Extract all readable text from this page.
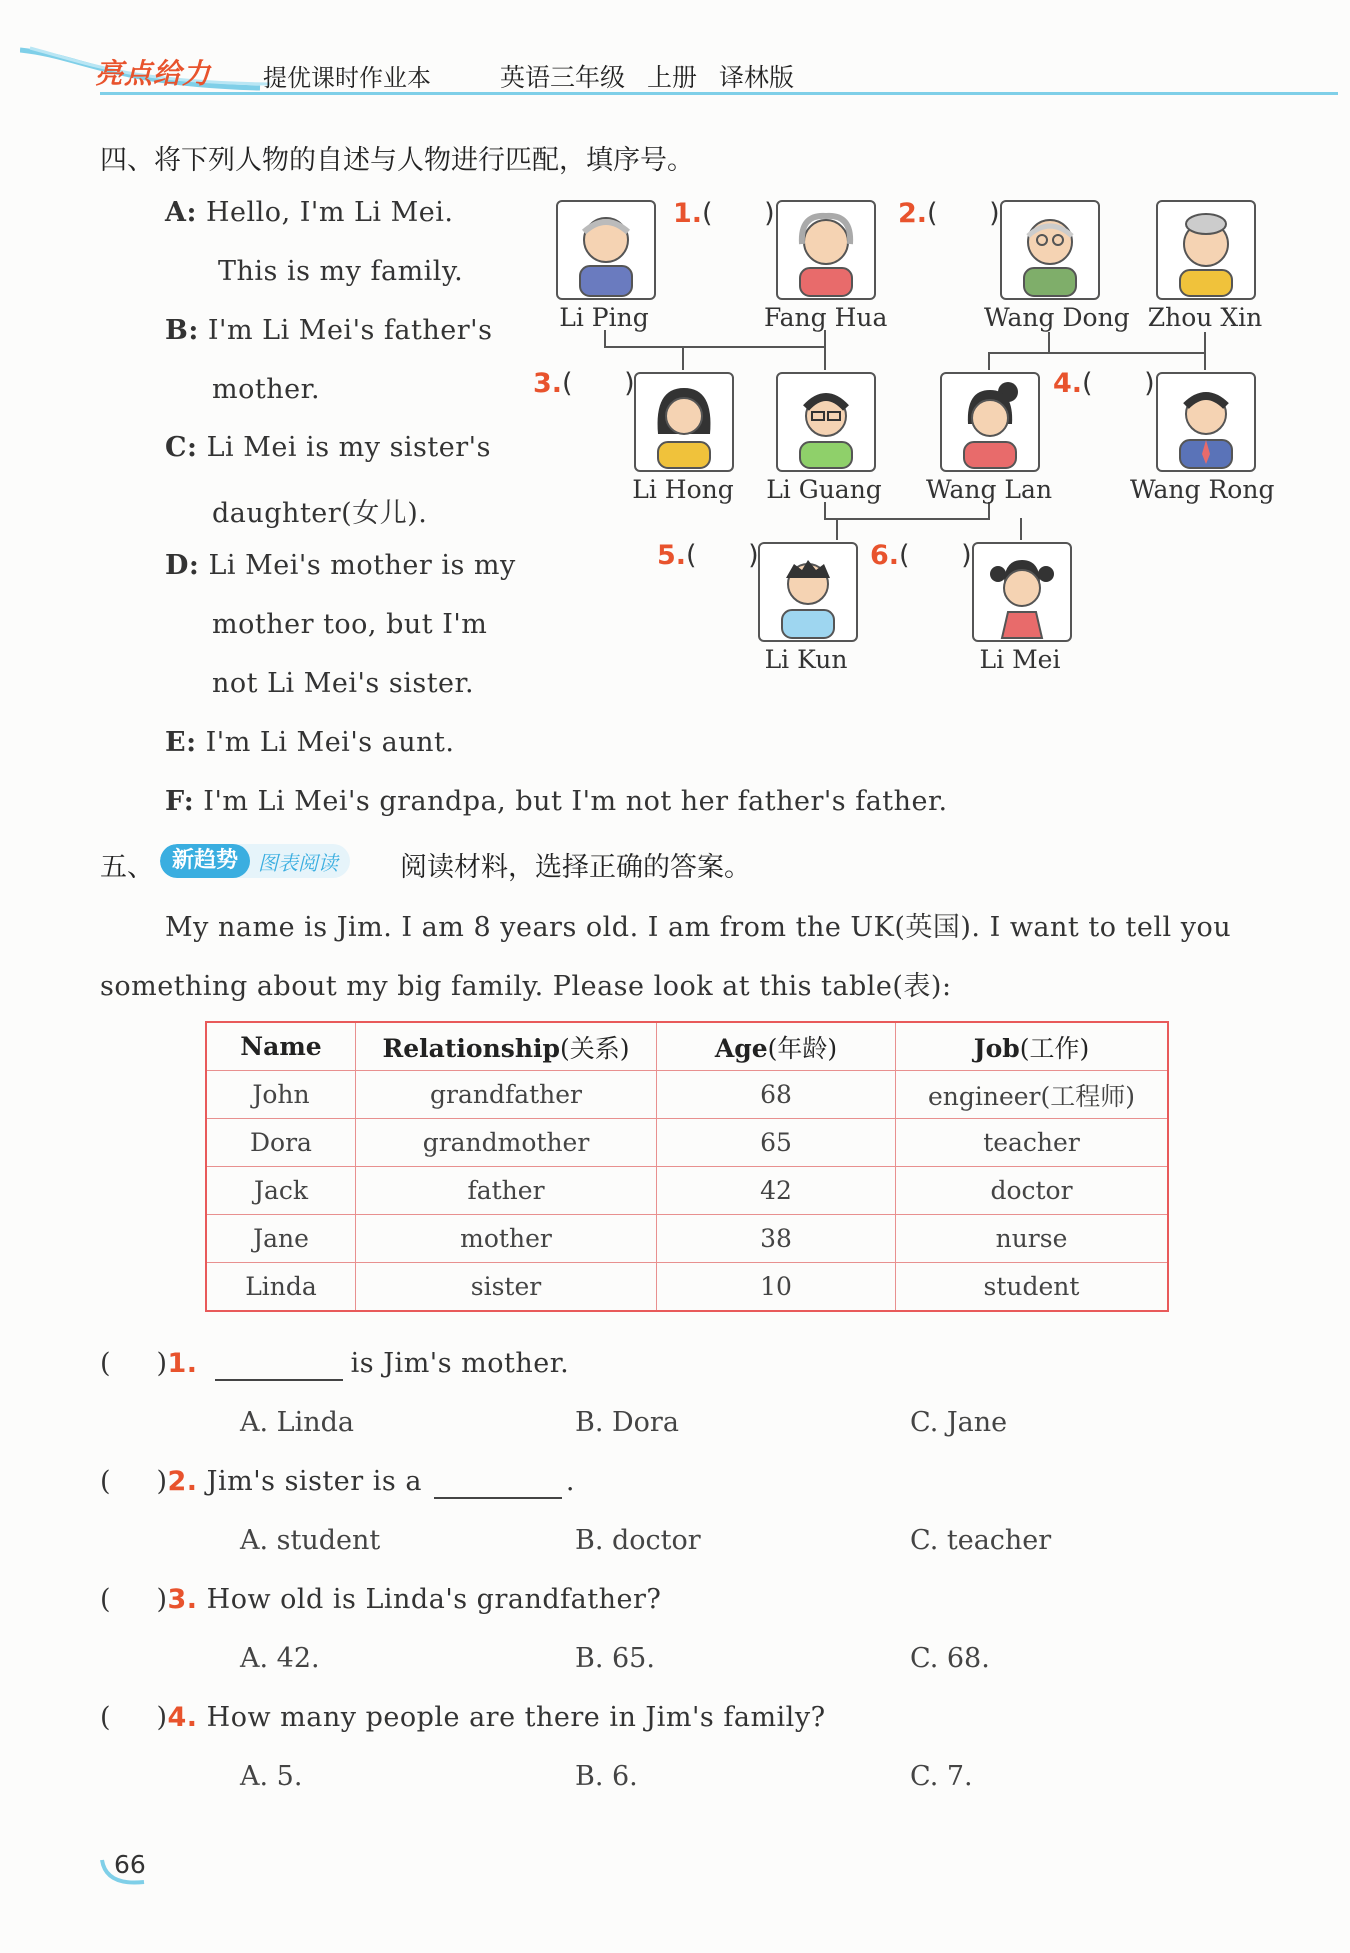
亮点给力 提优课时作业本	英语三年级 上册 译林版
四、将下列人物的自述与人物进行匹配，填序号。
A: Hello, I'm Li Mei.
This is my family.
B: I'm Li Mei's father's
mother.
C: Li Mei is my sister's
daughter(女儿).
D: Li Mei's mother is my
mother too, but I'm
not Li Mei's sister.
E: I'm Li Mei's aunt.
F: I'm Li Mei's grandpa, but I'm not her father's father.
Li Ping	Fang Hua	Wang Dong Zhou Xin
Li Hong	Li Guang Wang Lan	Wang Rong
Li Kun	Li Mei
1.( )	2.( )
3.( )	4.( )
5.( )	6.( )
五、 新趋势	图表阅读	阅读材料，选择正确的答案。
My name is Jim. I am 8 years old. I am from the UK(英国). I want to tell you
something about my big family. Please look at this table(表):
Name	Relationship(关系)	Age(年龄)	Job(工作)
John	grandfather	68	engineer(工程师)
Dora	grandmother	65	teacher
Jack	father	42	doctor
Jane	mother	38	nurse
Linda	sister	10	student
( )1.	is Jim's mother.
A. Linda	B. Dora	C. Jane
( )2. Jim's sister is a	.
A. student	B. doctor	C. teacher
( )3. How old is Linda's grandfather?
A. 42.	B. 65.	C. 68.
( )4. How many people are there in Jim's family?
A. 5.	B. 6.	C. 7.
66
